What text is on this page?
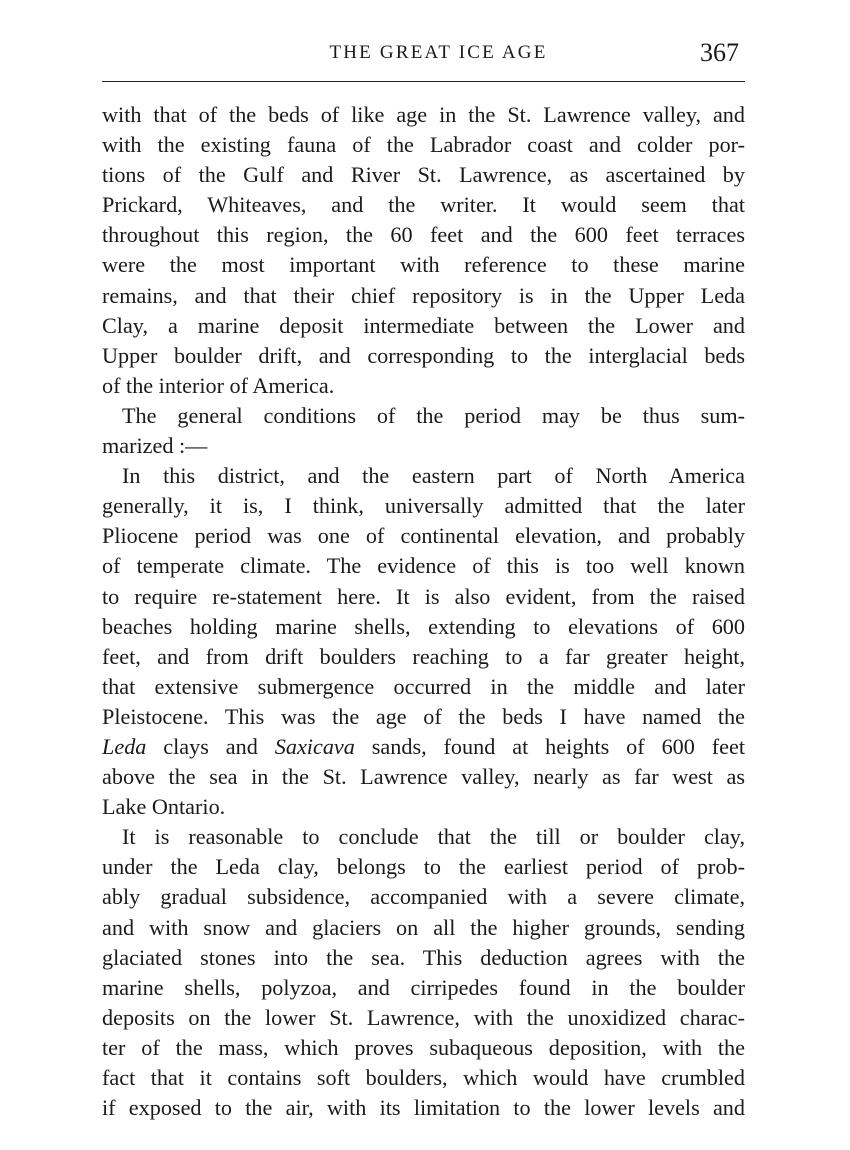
THE GREAT ICE AGE	367
with that of the beds of like age in the St. Lawrence valley, and
with the existing fauna of the Labrador coast and colder por-
tions of the Gulf and River St. Lawrence, as ascertained by
Prickard, Whiteaves, and the writer. It would seem that
throughout this region, the 60 feet and the 600 feet terraces
were the most important with reference to these marine
remains, and that their chief repository is in the Upper Leda
Clay, a marine deposit intermediate between the Lower and
Upper boulder drift, and corresponding to the interglacial beds
of the interior of America.
The general conditions of the period may be thus sum-
marized :—
In this district, and the eastern part of North America
generally, it is, I think, universally admitted that the later
Pliocene period was one of continental elevation, and probably
of temperate climate. The evidence of this is too well known
to require re-statement here. It is also evident, from the raised
beaches holding marine shells, extending to elevations of 600
feet, and from drift boulders reaching to a far greater height,
that extensive submergence occurred in the middle and later
Pleistocene. This was the age of the beds I have named the
Leda clays and Saxicava sands, found at heights of 600 feet
above the sea in the St. Lawrence valley, nearly as far west as
Lake Ontario.
It is reasonable to conclude that the till or boulder clay,
under the Leda clay, belongs to the earliest period of prob-
ably gradual subsidence, accompanied with a severe climate,
and with snow and glaciers on all the higher grounds, sending
glaciated stones into the sea. This deduction agrees with the
marine shells, polyzoa, and cirripedes found in the boulder
deposits on the lower St. Lawrence, with the unoxidized charac-
ter of the mass, which proves subaqueous deposition, with the
fact that it contains soft boulders, which would have crumbled
if exposed to the air, with its limitation to the lower levels and
